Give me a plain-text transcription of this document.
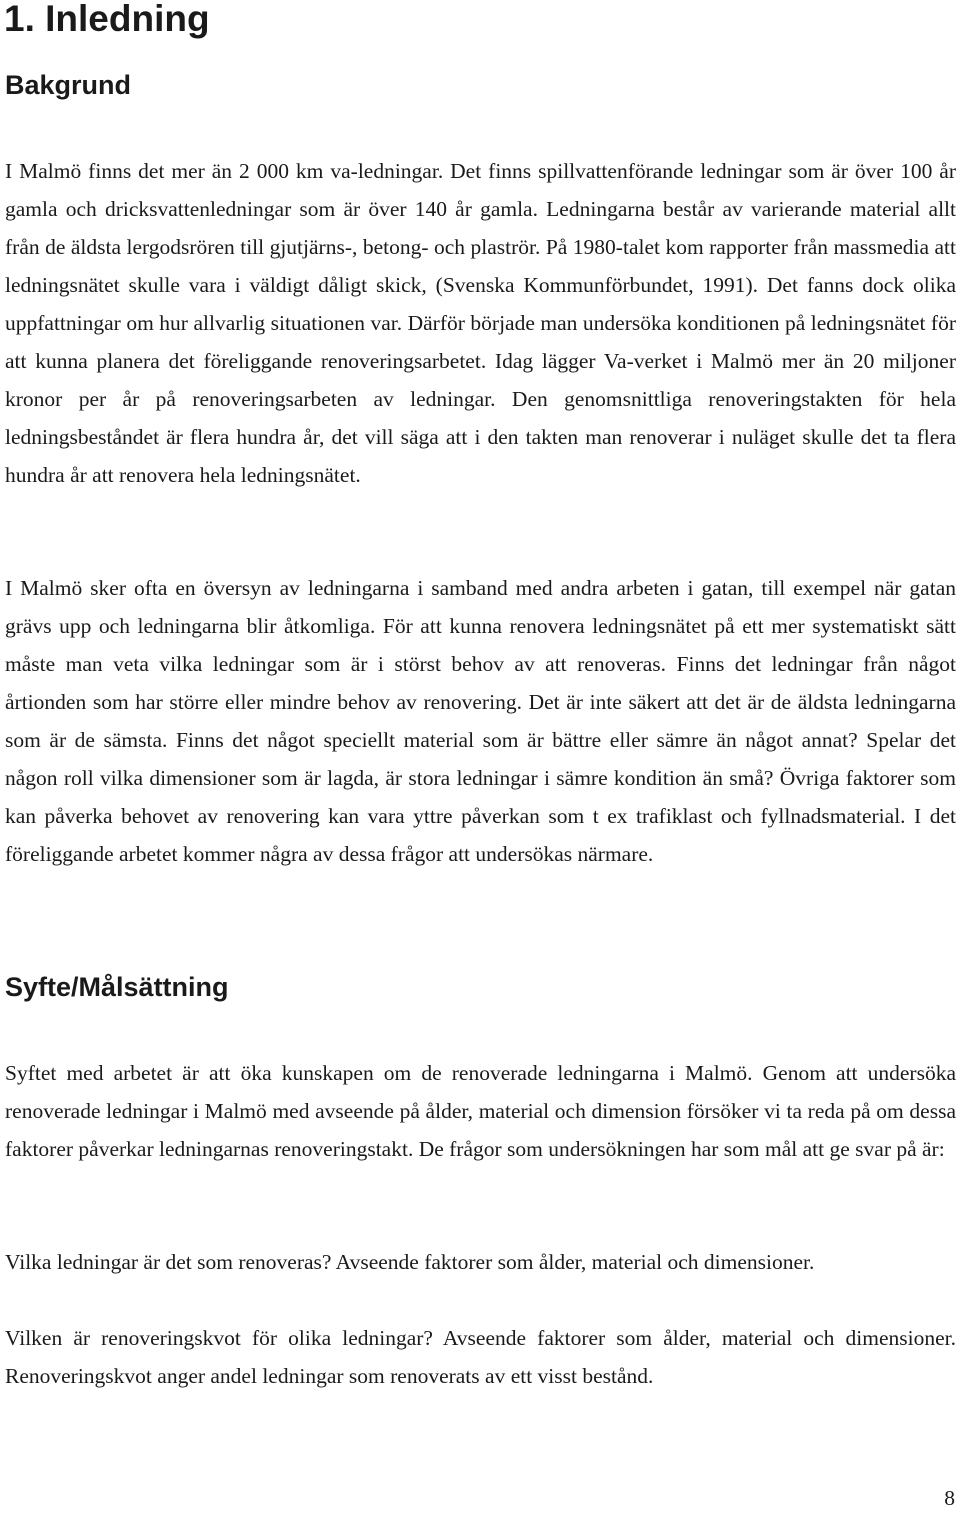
1. Inledning
Bakgrund

I Malmö finns det mer än 2 000 km va-ledningar. Det finns spillvattenförande ledningar som är över 100 år gamla och dricksvattenledningar som är över 140 år gamla. Ledningarna består av varierande material allt från de äldsta lergodsrören till gjutjärns-, betong- och plaströr. På 1980-talet kom rapporter från massmedia att ledningsnätet skulle vara i väldigt dåligt skick, (Svenska Kommunförbundet, 1991). Det fanns dock olika uppfattningar om hur allvarlig situationen var. Därför började man undersöka konditionen på ledningsnätet för att kunna planera det föreliggande renoveringsarbetet. Idag lägger Va-verket i Malmö mer än 20 miljoner kronor per år på renoveringsarbeten av ledningar. Den genomsnittliga renoveringstakten för hela ledningsbeståndet är flera hundra år, det vill säga att i den takten man renoverar i nuläget skulle det ta flera hundra år att renovera hela ledningsnätet.

I Malmö sker ofta en översyn av ledningarna i samband med andra arbeten i gatan, till exempel när gatan grävs upp och ledningarna blir åtkomliga. För att kunna renovera ledningsnätet på ett mer systematiskt sätt måste man veta vilka ledningar som är i störst behov av att renoveras. Finns det ledningar från något årtionden som har större eller mindre behov av renovering. Det är inte säkert att det är de äldsta ledningarna som är de sämsta. Finns det något speciellt material som är bättre eller sämre än något annat? Spelar det någon roll vilka dimensioner som är lagda, är stora ledningar i sämre kondition än små? Övriga faktorer som kan påverka behovet av renovering kan vara yttre påverkan som t ex trafiklast och fyllnadsmaterial. I det föreliggande arbetet kommer några av dessa frågor att undersökas närmare.

Syfte/Målsättning

Syftet med arbetet är att öka kunskapen om de renoverade ledningarna i Malmö. Genom att undersöka renoverade ledningar i Malmö med avseende på ålder, material och dimension försöker vi ta reda på om dessa faktorer påverkar ledningarnas renoveringstakt. De frågor som undersökningen har som mål att ge svar på är:

Vilka ledningar är det som renoveras? Avseende faktorer som ålder, material och dimensioner.

Vilken är renoveringskvot för olika ledningar? Avseende faktorer som ålder, material och dimensioner. Renoveringskvot anger andel ledningar som renoverats av ett visst bestånd.

8
